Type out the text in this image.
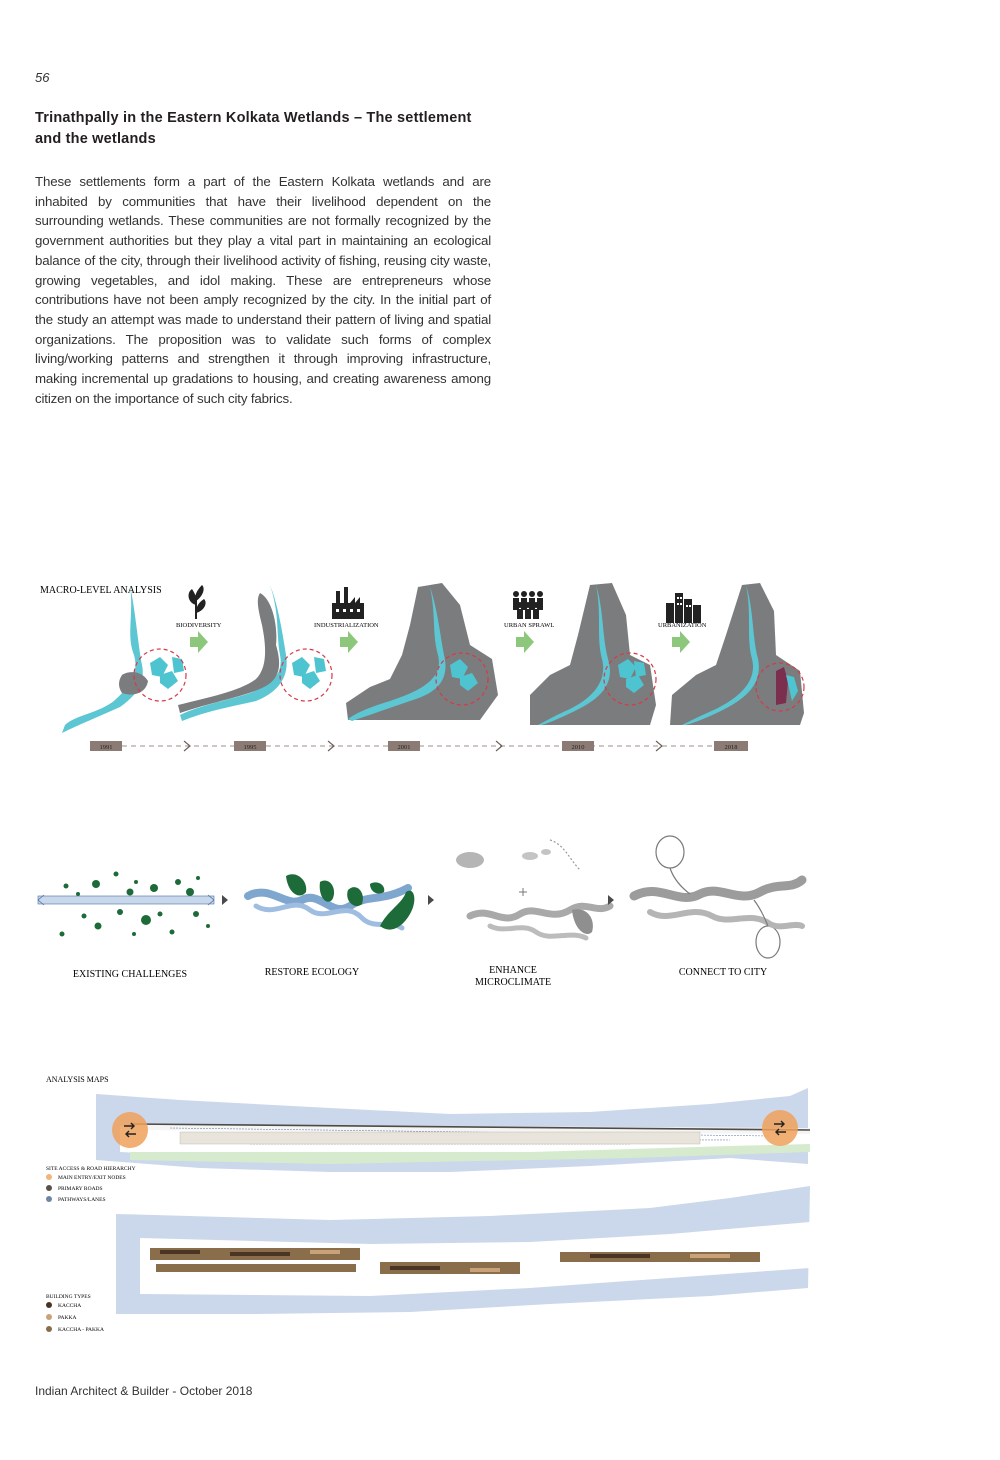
56
Trinathpally in the Eastern Kolkata Wetlands – The settlement and the wetlands

These settlements form a part of the Eastern Kolkata wetlands and are inhabited by communities that have their livelihood dependent on the surrounding wetlands. These communities are not formally recognized by the government authorities but they play a vital part in maintaining an ecological balance of the city, through their livelihood activity of fishing, reusing city waste, growing vegetables, and idol making. These are entrepreneurs whose contributions have not been amply recognized by the city. In the initial part of the study an attempt was made to understand their pattern of living and spatial organizations. The proposition was to validate such forms of complex living/working patterns and strengthen it through improving infrastructure, making incremental up gradations to housing, and creating awareness among citizen on the importance of such city fabrics.

MACRO-LEVEL ANALYSIS
BIODIVERSITY	INDUSTRIALIZATION	URBAN SPRAWL	URBANIZATION
1991	1995	2001	2010	2018
EXISTING CHALLENGES	RESTORE ECOLOGY	ENHANCE
MICROCLIMATE
CONNECT TO CITY
ANALYSIS MAPS
SITE ACCESS & ROAD HIERARCHY
MAIN ENTRY/EXIT NODES
PRIMARY ROADS
PATHWAYS/LANES
BUILDING TYPES
KACCHA
PAKKA
KACCHA - PAKKA
Indian Architect & Builder - October 2018
